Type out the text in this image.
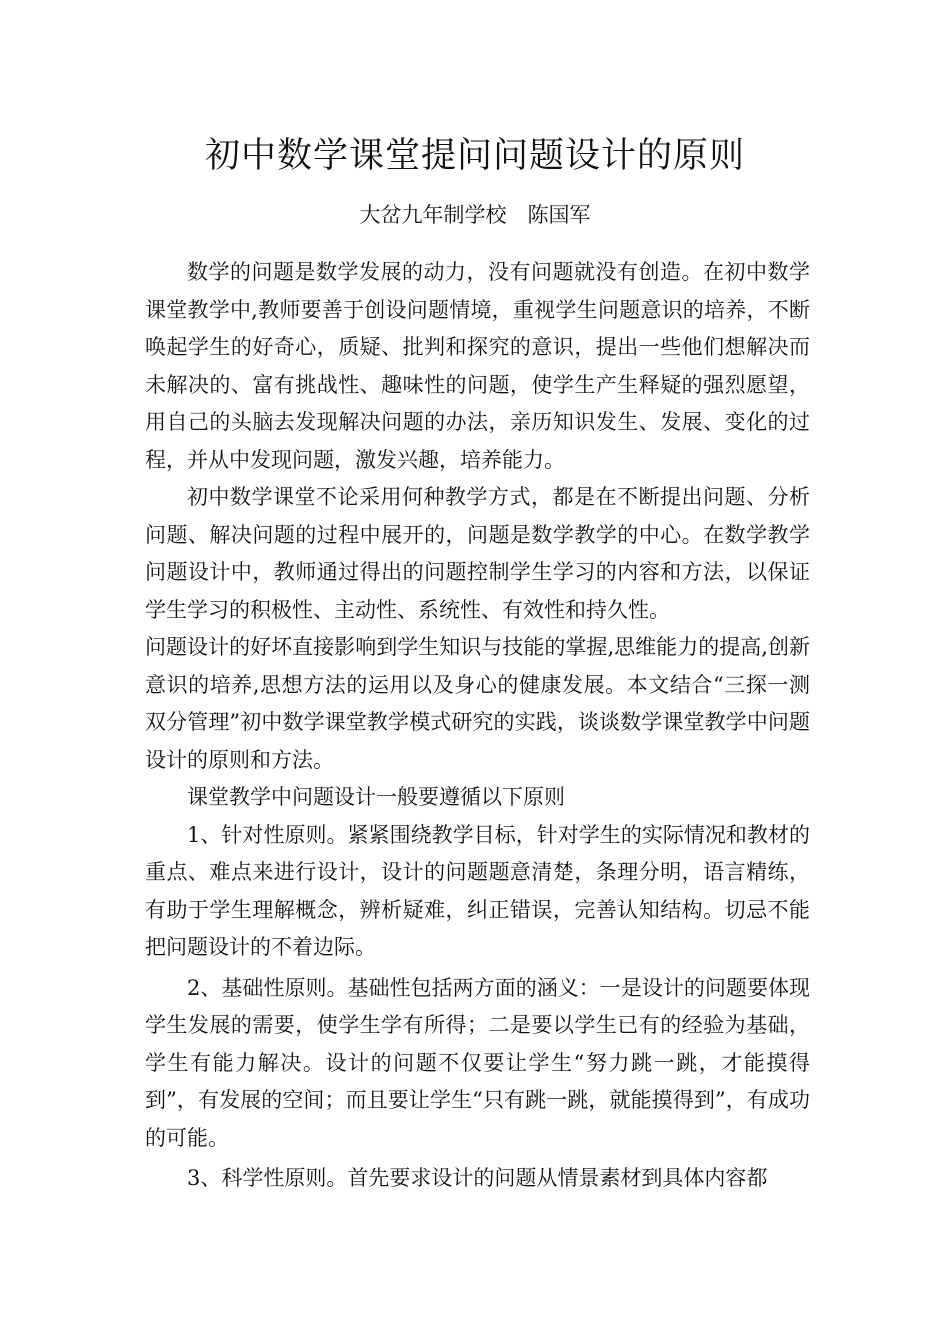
初中数学课堂提问问题设计的原则

大岔九年制学校　陈国军

数学的问题是数学发展的动力，没有问题就没有创造。在初中数学课堂教学中,教师要善于创设问题情境，重视学生问题意识的培养，不断唤起学生的好奇心，质疑、批判和探究的意识，提出一些他们想解决而未解决的、富有挑战性、趣味性的问题，使学生产生释疑的强烈愿望，用自己的头脑去发现解决问题的办法，亲历知识发生、发展、变化的过程，并从中发现问题，激发兴趣，培养能力。

初中数学课堂不论采用何种教学方式，都是在不断提出问题、分析问题、解决问题的过程中展开的，问题是数学教学的中心。在数学教学问题设计中，教师通过得出的问题控制学生学习的内容和方法，以保证学生学习的积极性、主动性、系统性、有效性和持久性。

问题设计的好坏直接影响到学生知识与技能的掌握,思维能力的提高,创新意识的培养,思想方法的运用以及身心的健康发展。本文结合“三探一测双分管理”初中数学课堂教学模式研究的实践，谈谈数学课堂教学中问题设计的原则和方法。

课堂教学中问题设计一般要遵循以下原则

1、针对性原则。紧紧围绕教学目标，针对学生的实际情况和教材的重点、难点来进行设计，设计的问题题意清楚，条理分明，语言精练，有助于学生理解概念，辨析疑难，纠正错误，完善认知结构。切忌不能把问题设计的不着边际。

2、基础性原则。基础性包括两方面的涵义：一是设计的问题要体现学生发展的需要，使学生学有所得；二是要以学生已有的经验为基础，学生有能力解决。设计的问题不仅要让学生“努力跳一跳，才能摸得到”，有发展的空间；而且要让学生“只有跳一跳，就能摸得到”，有成功的可能。

3、科学性原则。首先要求设计的问题从情景素材到具体内容都
